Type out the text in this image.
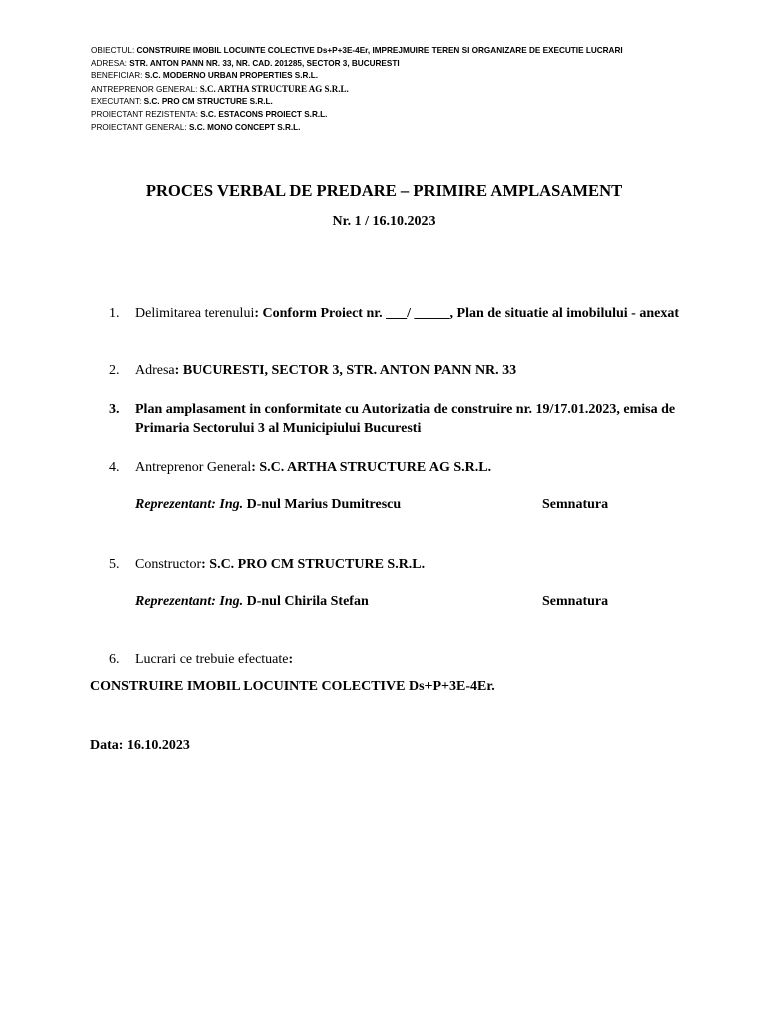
OBIECTUL: CONSTRUIRE IMOBIL LOCUINTE COLECTIVE Ds+P+3E-4Er, IMPREJMUIRE TEREN SI ORGANIZARE DE EXECUTIE LUCRARI
ADRESA: STR. ANTON PANN NR. 33, NR. CAD. 201285, SECTOR 3, BUCURESTI
BENEFICIAR: S.C. MODERNO URBAN PROPERTIES S.R.L.
ANTREPRENOR GENERAL: S.C. ARTHA STRUCTURE AG S.R.L.
EXECUTANT: S.C. PRO CM STRUCTURE S.R.L.
PROIECTANT REZISTENTA: S.C. ESTACONS PROIECT S.R.L.
PROIECTANT GENERAL: S.C. MONO CONCEPT S.R.L.
PROCES VERBAL DE PREDARE – PRIMIRE AMPLASAMENT
Nr. 1 / 16.10.2023
1.	Delimitarea terenului: Conform Proiect nr. ___/ _____, Plan de situatie al imobilului - anexat
2.	Adresa: BUCURESTI, SECTOR 3, STR. ANTON PANN NR. 33
3.	Plan amplasament in conformitate cu Autorizatia de construire nr. 19/17.01.2023, emisa de Primaria Sectorului 3 al Municipiului Bucuresti
4.	Antreprenor General: S.C. ARTHA STRUCTURE AG S.R.L.
Reprezentant: Ing. D-nul Marius Dumitrescu	Semnatura
5.	Constructor: S.C. PRO CM STRUCTURE S.R.L.
Reprezentant: Ing. D-nul Chirila Stefan	Semnatura
6.	Lucrari ce trebuie efectuate:
CONSTRUIRE IMOBIL LOCUINTE COLECTIVE Ds+P+3E-4Er.
Data: 16.10.2023
